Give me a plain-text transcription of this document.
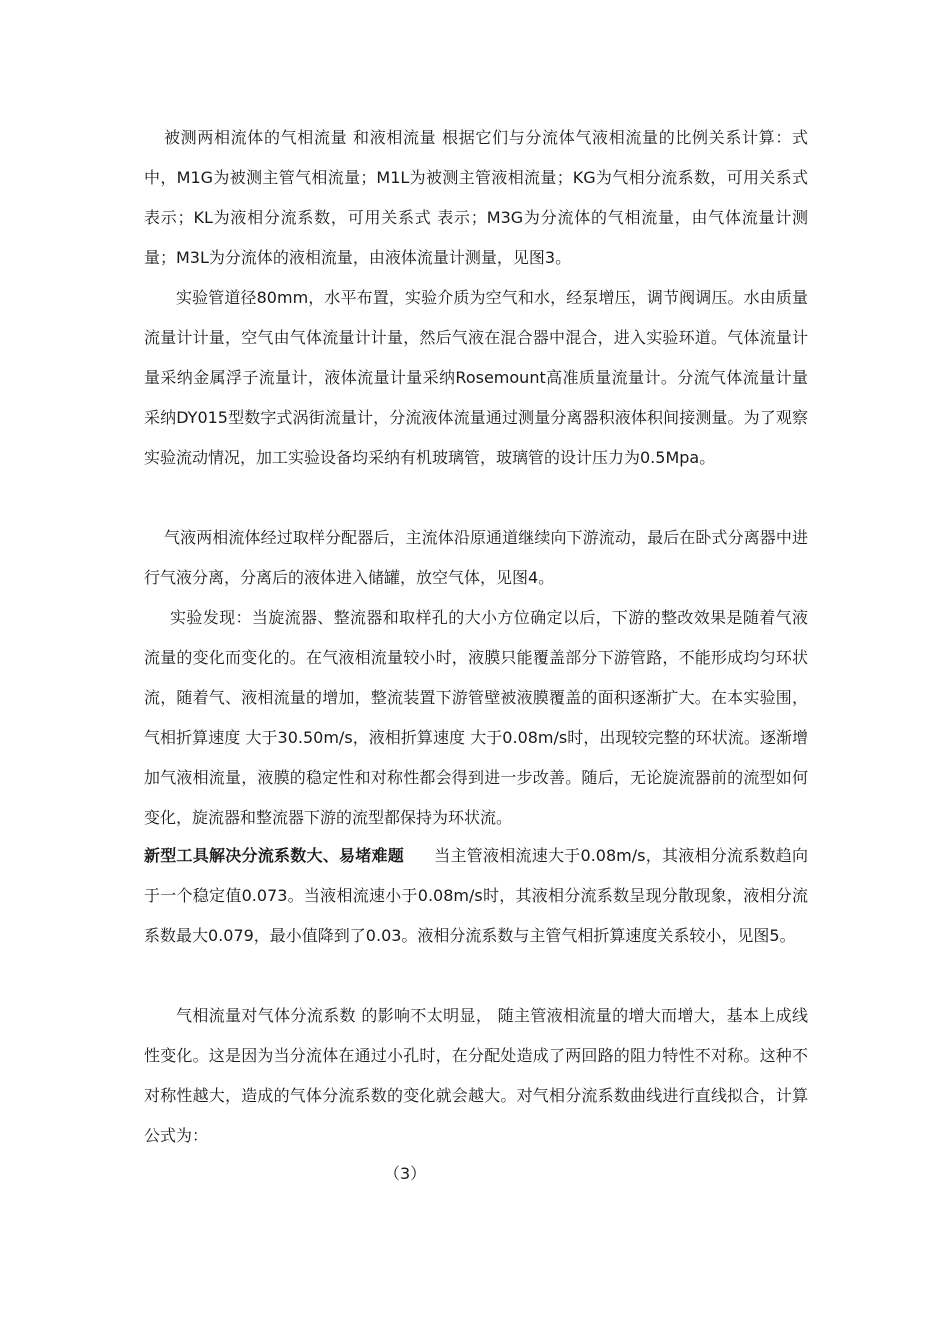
被测两相流体的气相流量 和液相流量 根据它们与分流体气液相流量的比例关系计算：式中，M1G为被测主管气相流量；M1L为被测主管液相流量；KG为气相分流系数，可用关系式 表示；KL为液相分流系数，可用关系式 表示；M3G为分流体的气相流量，由气体流量计测量；M3L为分流体的液相流量，由液体流量计测量，见图3。

实验管道径80mm，水平布置，实验介质为空气和水，经泵增压，调节阀调压。水由质量流量计计量，空气由气体流量计计量，然后气液在混合器中混合，进入实验环道。气体流量计量采纳金属浮子流量计，液体流量计量采纳Rosemount高准质量流量计。分流气体流量计量采纳DY015型数字式涡街流量计，分流液体流量通过测量分离器积液体积间接测量。为了观察实验流动情况，加工实验设备均采纳有机玻璃管，玻璃管的设计压力为0.5Mpa。

气液两相流体经过取样分配器后，主流体沿原通道继续向下游流动，最后在卧式分离器中进行气液分离，分离后的液体进入储罐，放空气体，见图4。

实验发现：当旋流器、整流器和取样孔的大小方位确定以后，下游的整改效果是随着气液流量的变化而变化的。在气液相流量较小时，液膜只能覆盖部分下游管路，不能形成均匀环状流，随着气、液相流量的增加，整流装置下游管壁被液膜覆盖的面积逐渐扩大。在本实验围，气相折算速度 大于30.50m/s，液相折算速度 大于0.08m/s时，出现较完整的环状流。逐渐增加气液相流量，液膜的稳定性和对称性都会得到进一步改善。随后，无论旋流器前的流型如何变化，旋流器和整流器下游的流型都保持为环状流。

新型工具解决分流系数大、易堵难题 当主管液相流速大于0.08m/s，其液相分流系数趋向于一个稳定值0.073。当液相流速小于0.08m/s时，其液相分流系数呈现分散现象，液相分流系数最大0.079，最小值降到了0.03。液相分流系数与主管气相折算速度关系较小，见图5。

气相流量对气体分流系数 的影响不太明显， 随主管液相流量的增大而增大，基本上成线性变化。这是因为当分流体在通过小孔时，在分配处造成了两回路的阻力特性不对称。这种不对称性越大，造成的气体分流系数的变化就会越大。对气相分流系数曲线进行直线拟合，计算公式为：

（3）
